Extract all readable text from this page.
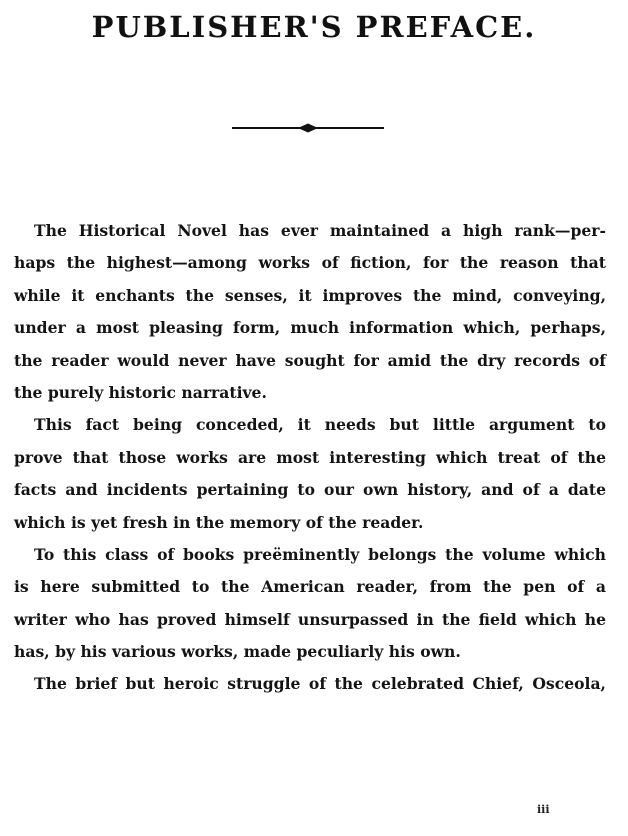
PUBLISHER'S PREFACE.
The Historical Novel has ever maintained a high rank—per-
haps the highest—among works of fiction, for the reason that
while it enchants the senses, it improves the mind, conveying,
under a most pleasing form, much information which, perhaps,
the reader would never have sought for amid the dry records of
the purely historic narrative.
This fact being conceded, it needs but little argument to
prove that those works are most interesting which treat of the
facts and incidents pertaining to our own history, and of a date
which is yet fresh in the memory of the reader.
To this class of books preëminently belongs the volume which
is here submitted to the American reader, from the pen of a
writer who has proved himself unsurpassed in the field which he
has, by his various works, made peculiarly his own.
The brief but heroic struggle of the celebrated Chief, Osceola,
iii
